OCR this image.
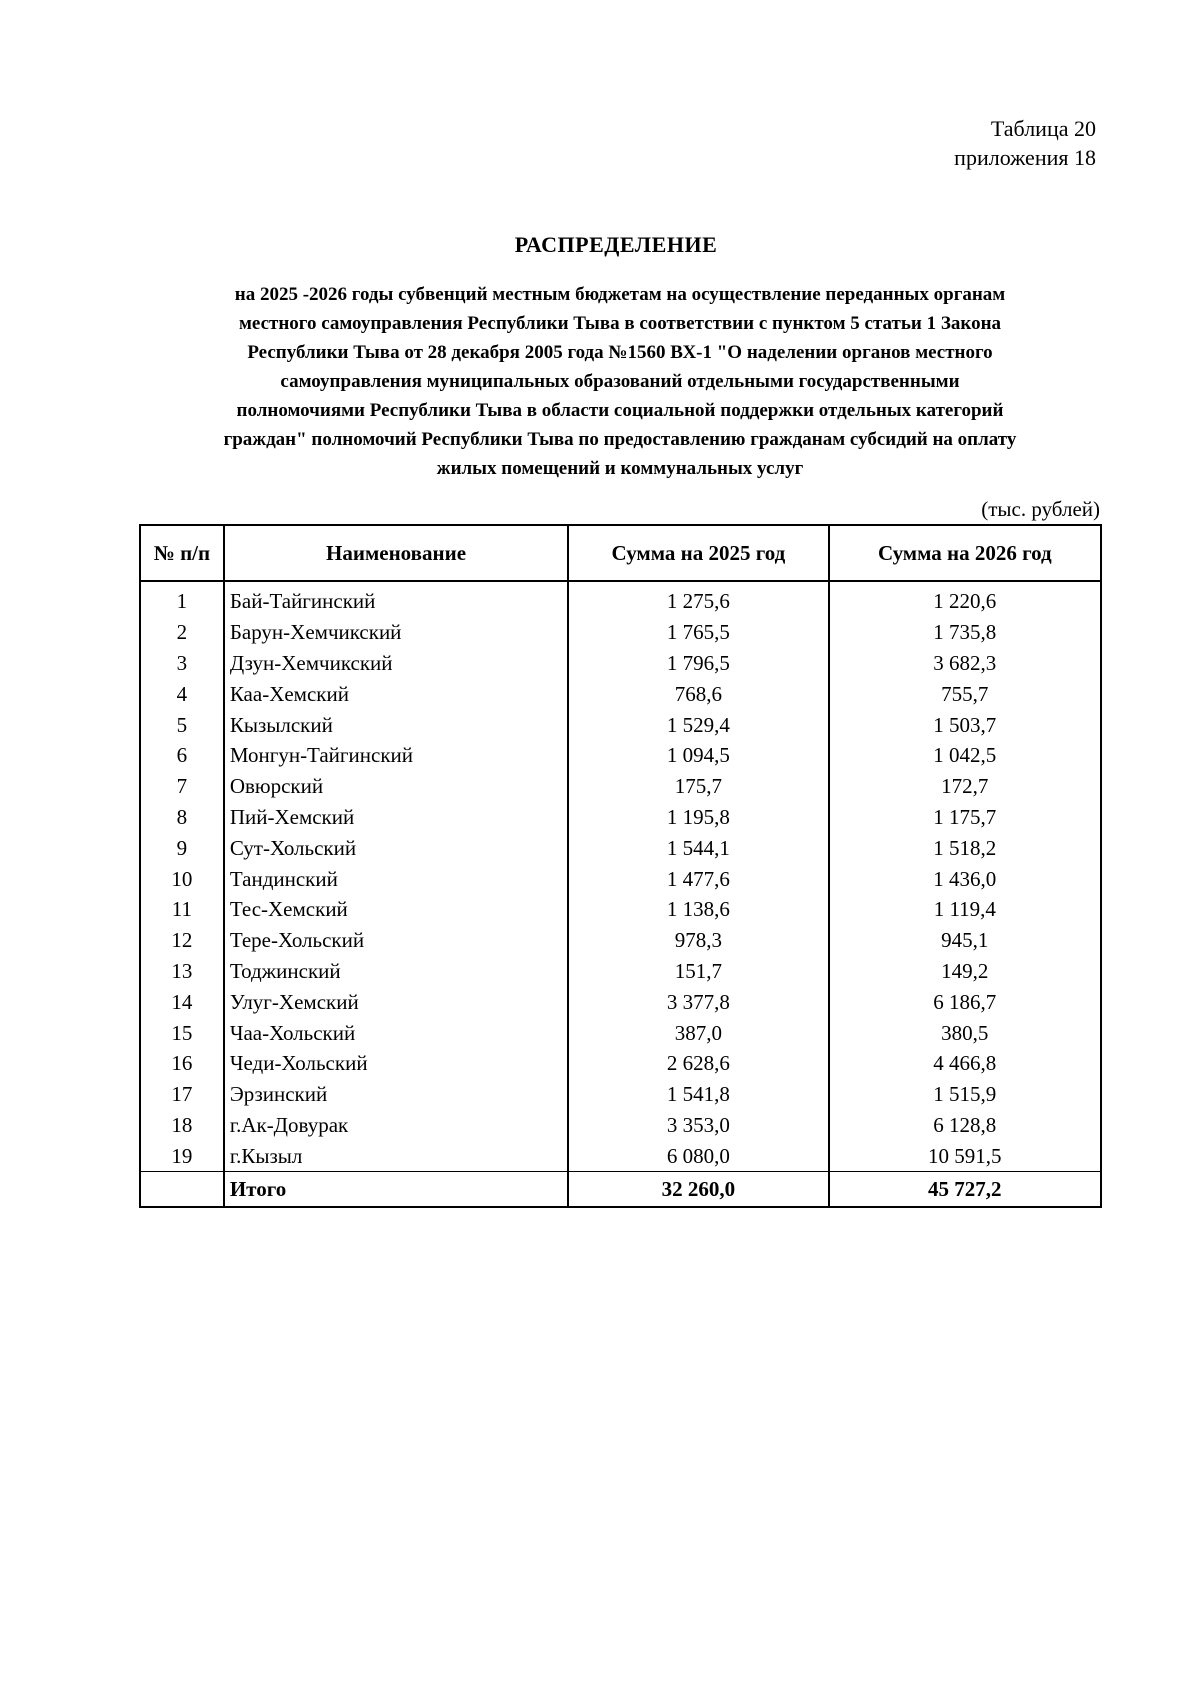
Таблица 20
приложения 18
РАСПРЕДЕЛЕНИЕ
на 2025 -2026 годы субвенций местным бюджетам на осуществление переданных органам
местного самоуправления Республики Тыва в соответствии с пунктом 5 статьи 1 Закона
Республики Тыва от 28 декабря 2005 года №1560 ВХ-1 "О наделении органов местного
самоуправления муниципальных образований отдельными государственными
полномочиями Республики Тыва в области социальной поддержки отдельных категорий
граждан" полномочий Республики Тыва по предоставлению гражданам субсидий на оплату
жилых помещений и коммунальных услуг
(тыс. рублей)
№ п/п	Наименование	Сумма на 2025 год	Сумма на 2026 год
1	Бай-Тайгинский	1 275,6	1 220,6
2	Барун-Хемчикский	1 765,5	1 735,8
3	Дзун-Хемчикский	1 796,5	3 682,3
4	Каа-Хемский	768,6	755,7
5	Кызылский	1 529,4	1 503,7
6	Монгун-Тайгинский	1 094,5	1 042,5
7	Овюрский	175,7	172,7
8	Пий-Хемский	1 195,8	1 175,7
9	Сут-Хольский	1 544,1	1 518,2
10	Тандинский	1 477,6	1 436,0
11	Тес-Хемский	1 138,6	1 119,4
12	Тере-Хольский	978,3	945,1
13	Тоджинский	151,7	149,2
14	Улуг-Хемский	3 377,8	6 186,7
15	Чаа-Хольский	387,0	380,5
16	Чеди-Хольский	2 628,6	4 466,8
17	Эрзинский	1 541,8	1 515,9
18	г.Ак-Довурак	3 353,0	6 128,8
19	г.Кызыл	6 080,0	10 591,5
	Итого	32 260,0	45 727,2
